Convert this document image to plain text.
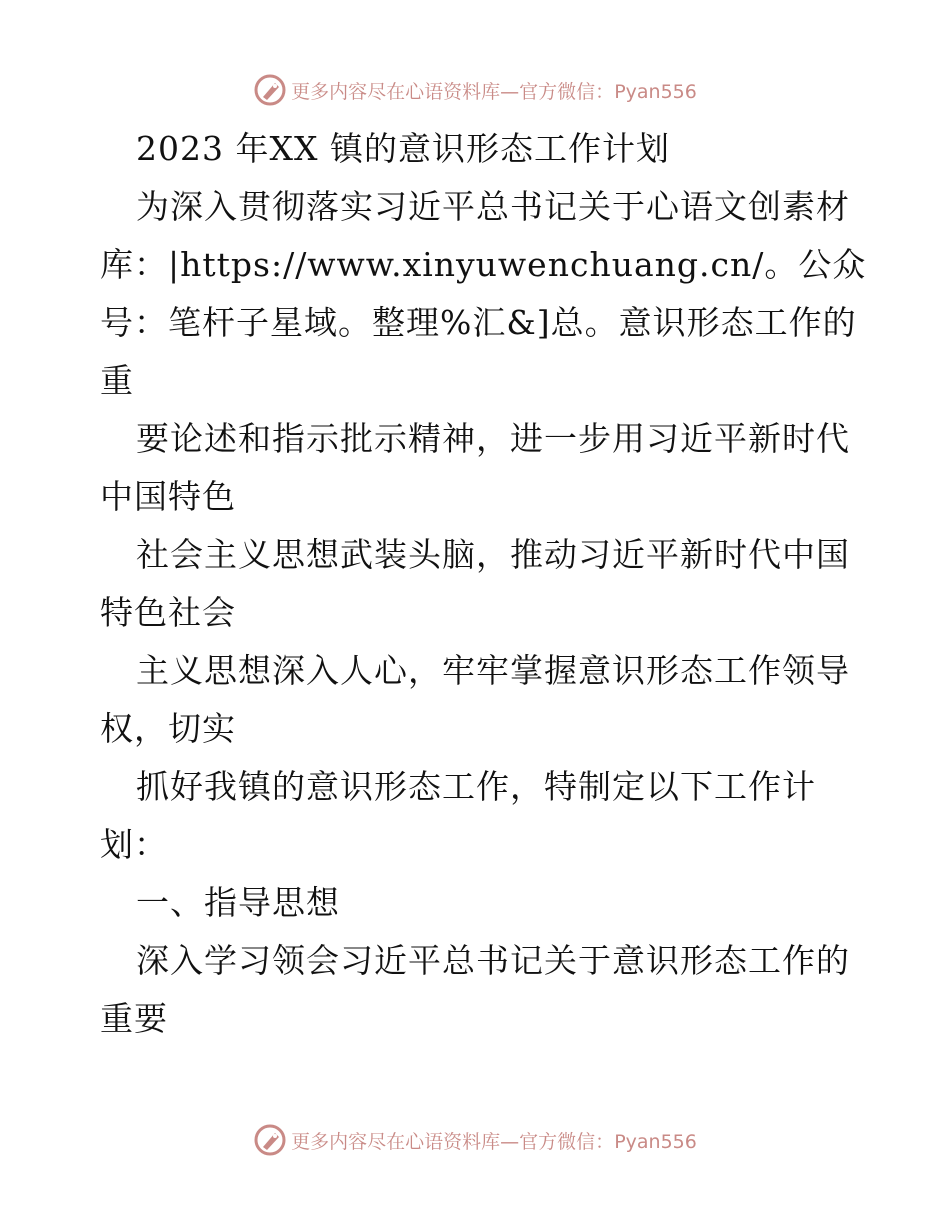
更多内容尽在心语资料库—官方微信：Pyan556
2023 年XX 镇的意识形态工作计划
为深入贯彻落实习近平总书记关于心语文创素材
库：|https://www.xinyuwenchuang.cn/。公众
号：笔杆子星域。整理%汇&]总。意识形态工作的
重
要论述和指示批示精神，进一步用习近平新时代
中国特色
社会主义思想武装头脑，推动习近平新时代中国
特色社会
主义思想深入人心，牢牢掌握意识形态工作领导
权，切实
抓好我镇的意识形态工作，特制定以下工作计
划：
一、指导思想
深入学习领会习近平总书记关于意识形态工作的
重要
更多内容尽在心语资料库—官方微信：Pyan556
